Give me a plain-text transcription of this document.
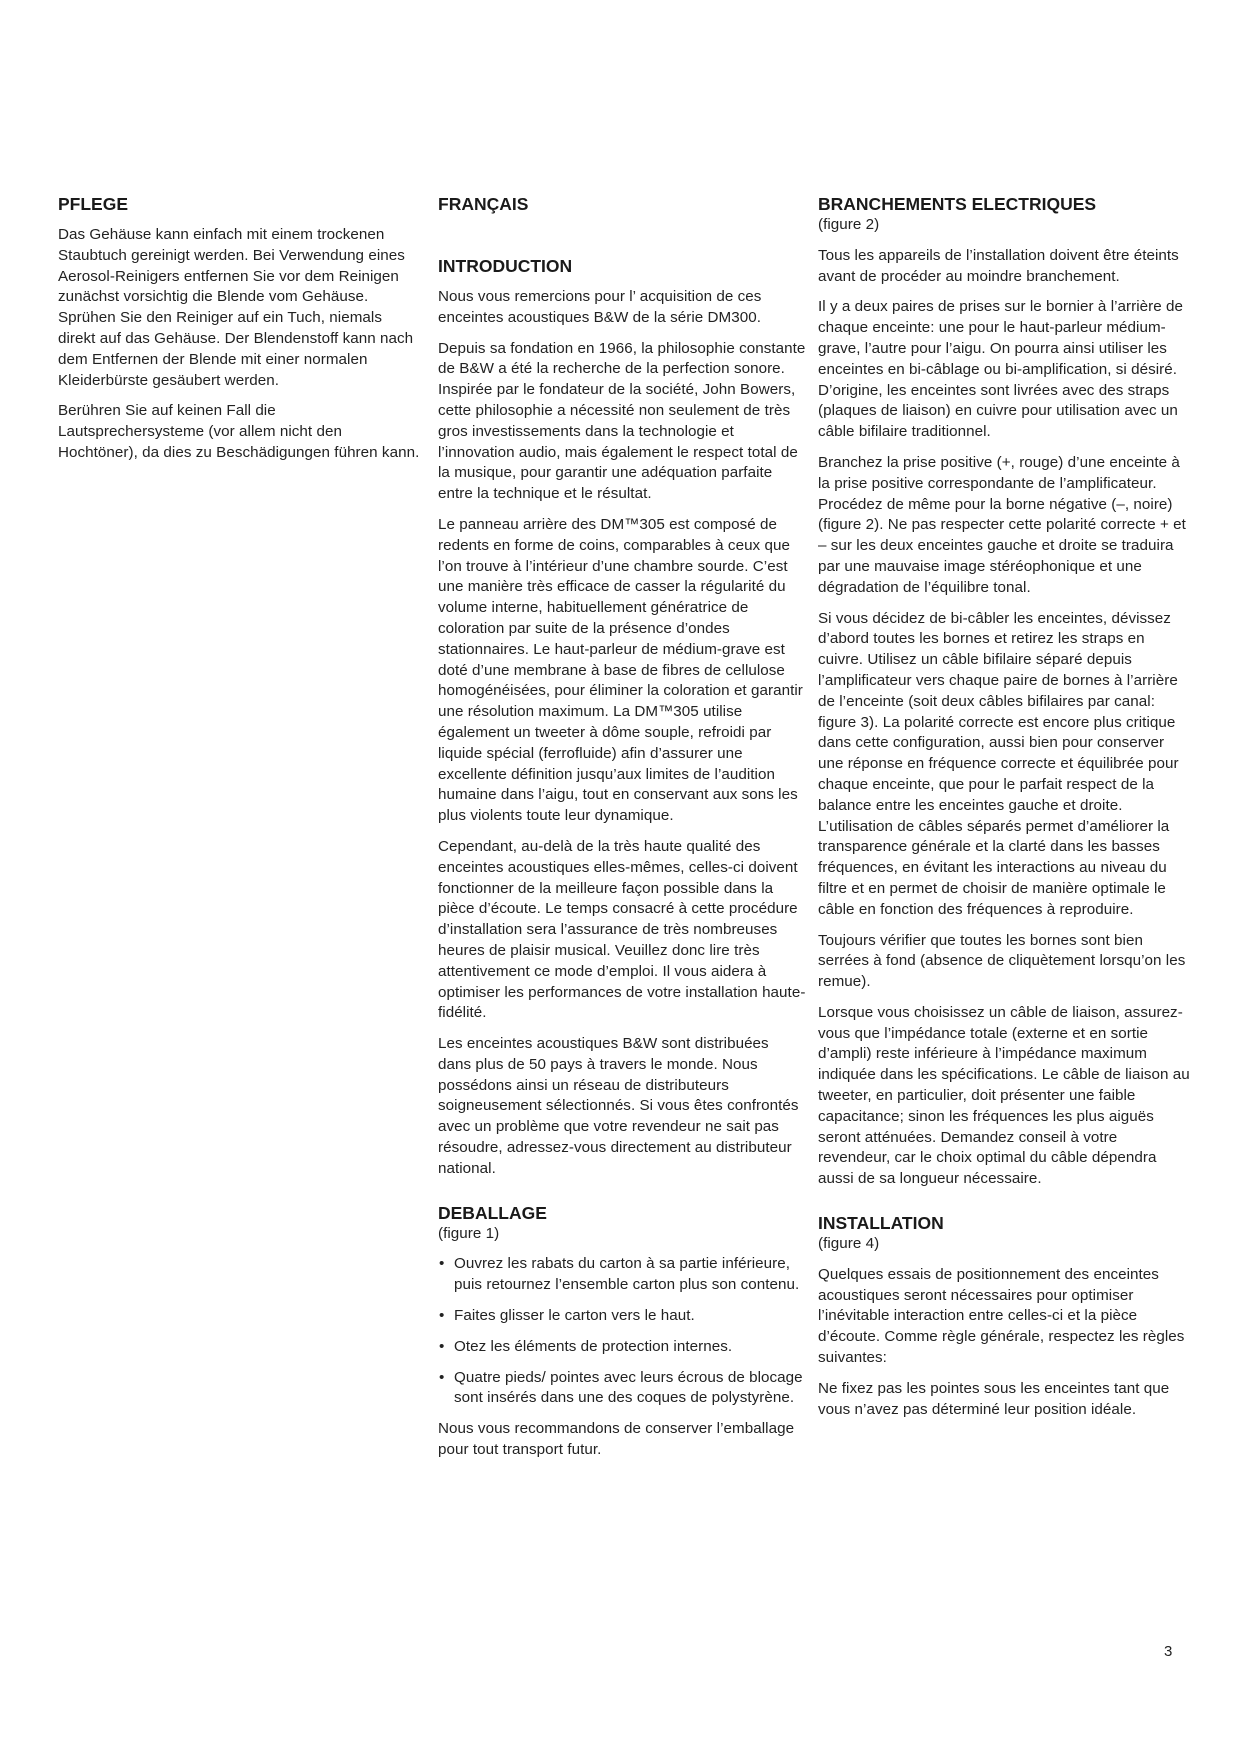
PFLEGE

Das Gehäuse kann einfach mit einem trockenen Staubtuch gereinigt werden. Bei Verwendung eines Aerosol-Reinigers entfernen Sie vor dem Reinigen zunächst vorsichtig die Blende vom Gehäuse. Sprühen Sie den Reiniger auf ein Tuch, niemals direkt auf das Gehäuse. Der Blendenstoff kann nach dem Entfernen der Blende mit einer normalen Kleiderbürste gesäubert werden.

Berühren Sie auf keinen Fall die Lautsprechersysteme (vor allem nicht den Hochtöner), da dies zu Beschädigungen führen kann.

FRANÇAIS
INTRODUCTION

Nous vous remercions pour l’ acquisition de ces enceintes acoustiques B&W de la série DM300.

Depuis sa fondation en 1966, la philosophie constante de B&W a été la recherche de la perfection sonore. Inspirée par le fondateur de la société, John Bowers, cette philosophie a nécessité non seulement de très gros investissements dans la technologie et l’innovation audio, mais également le respect total de la musique, pour garantir une adéquation parfaite entre la technique et le résultat.

Le panneau arrière des DM™305 est composé de redents en forme de coins, comparables à ceux que l’on trouve à l’intérieur d’une chambre sourde. C’est une manière très efficace de casser la régularité du volume interne, habituellement génératrice de coloration par suite de la présence d’ondes stationnaires. Le haut-parleur de médium-grave est doté d’une membrane à base de fibres de cellulose homogénéisées, pour éliminer la coloration et garantir une résolution maximum. La DM™305 utilise également un tweeter à dôme souple, refroidi par liquide spécial (ferrofluide) afin d’assurer une excellente définition jusqu’aux limites de l’audition humaine dans l’aigu, tout en conservant aux sons les plus violents toute leur dynamique.

Cependant, au-delà de la très haute qualité des enceintes acoustiques elles-mêmes, celles-ci doivent fonctionner de la meilleure façon possible dans la pièce d’écoute. Le temps consacré à cette procédure d’installation sera l’assurance de très nombreuses heures de plaisir musical. Veuillez donc lire très attentivement ce mode d’emploi. Il vous aidera à optimiser les performances de votre installation haute-fidélité.

Les enceintes acoustiques B&W sont distribuées dans plus de 50 pays à travers le monde. Nous possédons ainsi un réseau de distributeurs soigneusement sélectionnés. Si vous êtes confrontés avec un problème que votre revendeur ne sait pas résoudre, adressez-vous directement au distributeur national.

DEBALLAGE

(figure 1)

• Ouvrez les rabats du carton à sa partie inférieure, puis retournez l’ensemble carton plus son contenu.
• Faites glisser le carton vers le haut.
• Otez les éléments de protection internes.
• Quatre pieds/ pointes avec leurs écrous de blocage sont insérés dans une des coques de polystyrène.

Nous vous recommandons de conserver l’emballage pour tout transport futur.

BRANCHEMENTS ELECTRIQUES

(figure 2)

Tous les appareils de l’installation doivent être éteints avant de procéder au moindre branchement.

Il y a deux paires de prises sur le bornier à l’arrière de chaque enceinte: une pour le haut-parleur médium-grave, l’autre pour l’aigu. On pourra ainsi utiliser les enceintes en bi-câblage ou bi-amplification, si désiré. D’origine, les enceintes sont livrées avec des straps (plaques de liaison) en cuivre pour utilisation avec un câble bifilaire traditionnel.

Branchez la prise positive (+, rouge) d’une enceinte à la prise positive correspondante de l’amplificateur. Procédez de même pour la borne négative (–, noire) (figure 2). Ne pas respecter cette polarité correcte + et – sur les deux enceintes gauche et droite se traduira par une mauvaise image stéréophonique et une dégradation de l’équilibre tonal.

Si vous décidez de bi-câbler les enceintes, dévissez d’abord toutes les bornes et retirez les straps en cuivre. Utilisez un câble bifilaire séparé depuis l’amplificateur vers chaque paire de bornes à l’arrière de l’enceinte (soit deux câbles bifilaires par canal: figure 3). La polarité correcte est encore plus critique dans cette configuration, aussi bien pour conserver une réponse en fréquence correcte et équilibrée pour chaque enceinte, que pour le parfait respect de la balance entre les enceintes gauche et droite. L’utilisation de câbles séparés permet d’améliorer la transparence générale et la clarté dans les basses fréquences, en évitant les interactions au niveau du filtre et en permet de choisir de manière optimale le câble en fonction des fréquences à reproduire.

Toujours vérifier que toutes les bornes sont bien serrées à fond (absence de cliquètement lorsqu’on les remue).

Lorsque vous choisissez un câble de liaison, assurez-vous que l’impédance totale (externe et en sortie d’ampli) reste inférieure à l’impédance maximum indiquée dans les spécifications. Le câble de liaison au tweeter, en particulier, doit présenter une faible capacitance; sinon les fréquences les plus aiguës seront atténuées. Demandez conseil à votre revendeur, car le choix optimal du câble dépendra aussi de sa longueur nécessaire.

INSTALLATION

(figure 4)

Quelques essais de positionnement des enceintes acoustiques seront nécessaires pour optimiser l’inévitable interaction entre celles-ci et la pièce d’écoute. Comme règle générale, respectez les règles suivantes:

Ne fixez pas les pointes sous les enceintes tant que vous n’avez pas déterminé leur position idéale.

3
